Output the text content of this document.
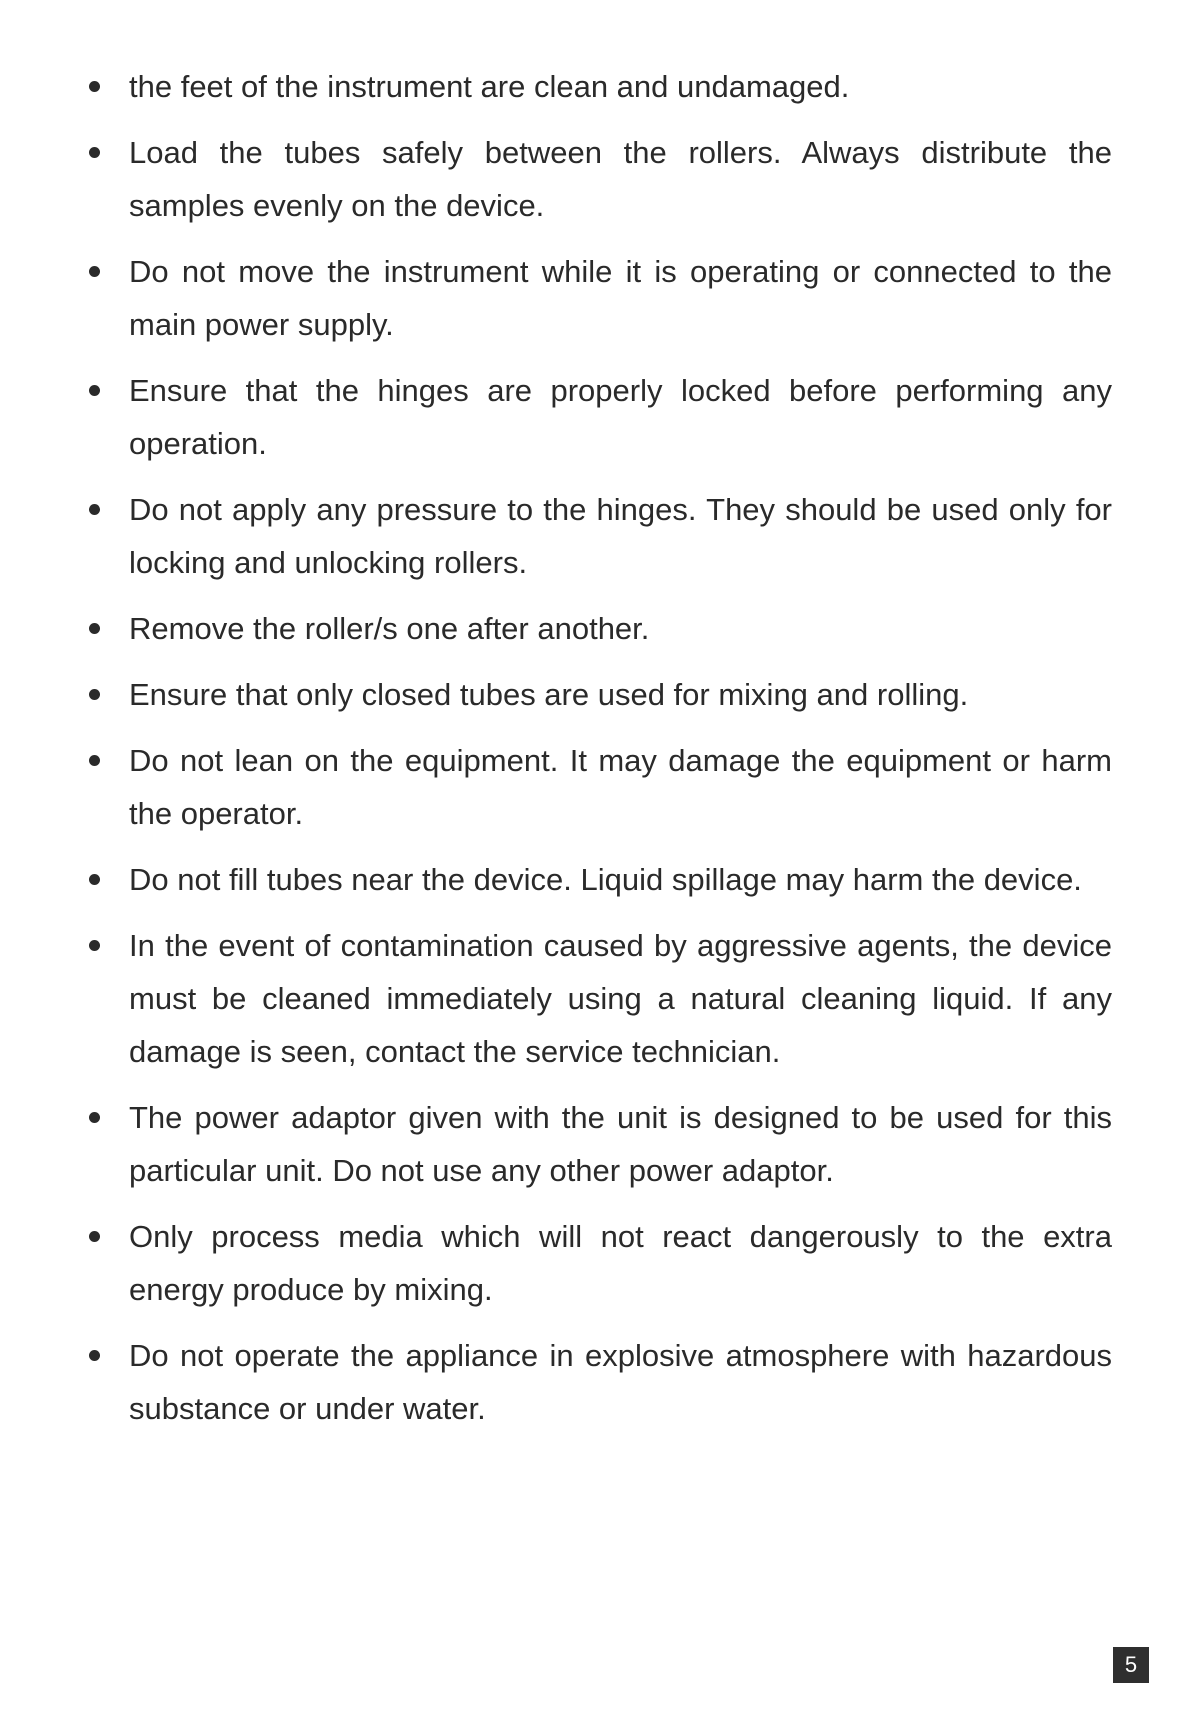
the feet of the instrument are clean and undamaged.
Load the tubes safely between the rollers. Always distribute the samples evenly on the device.
Do not move the instrument while it is operating or connected to the main power supply.
Ensure that the hinges are properly locked before performing any operation.
Do not apply any pressure to the hinges. They should be used only for locking and unlocking rollers.
Remove the roller/s one after another.
Ensure that only closed tubes are used for mixing and rolling.
Do not lean on the equipment. It may damage the equipment or harm the operator.
Do not fill tubes near the device. Liquid spillage may harm the device.
In the event of contamination caused by aggressive agents, the device must be cleaned immediately using a natural cleaning liquid. If any damage is seen, contact the service technician.
The power adaptor given with the unit is designed to be used for this particular unit. Do not use any other power adaptor.
Only process media which will not react dangerously to the extra energy produce by mixing.
Do not operate the appliance in explosive atmosphere with hazardous substance or under water.
5
